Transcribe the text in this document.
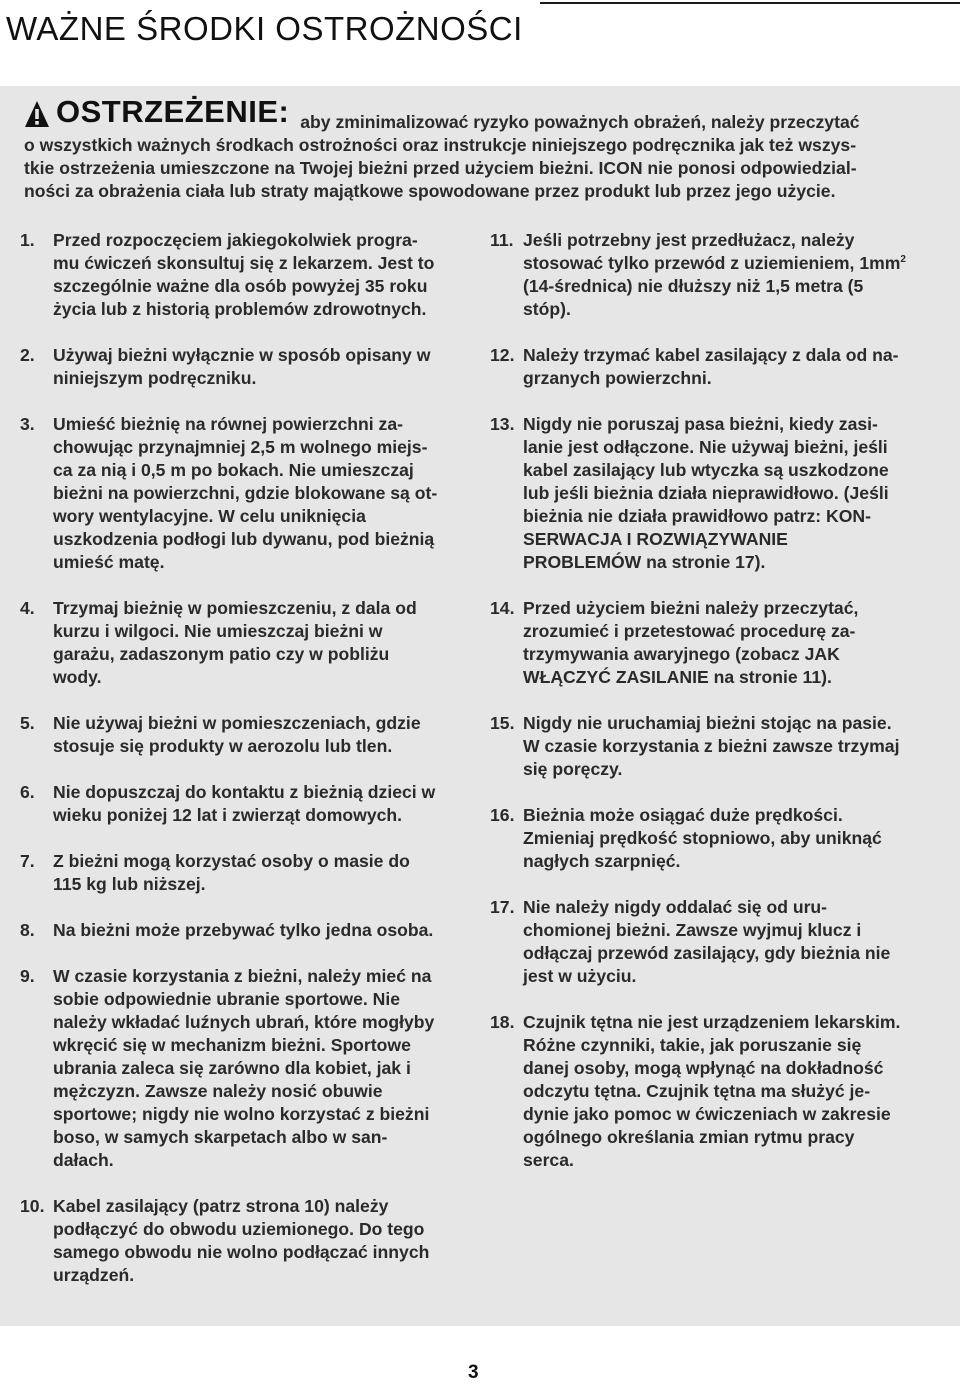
WAŻNE ŚRODKI OSTROŻNOŚCI
OSTRZEŻENIE: aby zminimalizować ryzyko poważnych obrażeń, należy przeczytać
o wszystkich ważnych środkach ostrożności oraz instrukcje niniejszego podręcznika jak też wszys-
tkie ostrzeżenia umieszczone na Twojej bieżni przed użyciem bieżni. ICON nie ponosi odpowiedzial-
ności za obrażenia ciała lub straty majątkowe spowodowane przez produkt lub przez jego użycie.
1.	Przed rozpoczęciem jakiegokolwiek progra-
mu ćwiczeń skonsultuj się z lekarzem. Jest to
szczególnie ważne dla osób powyżej 35 roku
życia lub z historią problemów zdrowotnych.
2.	Używaj bieżni wyłącznie w sposób opisany w
niniejszym podręczniku.
3.	Umieść bieżnię na równej powierzchni za-
chowując przynajmniej 2,5 m wolnego miejs-
ca za nią i 0,5 m po bokach. Nie umieszczaj
bieżni na powierzchni, gdzie blokowane są ot-
wory wentylacyjne. W celu uniknięcia
uszkodzenia podłogi lub dywanu, pod bieżnią
umieść matę.
4.	Trzymaj bieżnię w pomieszczeniu, z dala od
kurzu i wilgoci. Nie umieszczaj bieżni w
garażu, zadaszonym patio czy w pobliżu
wody.
5.	Nie używaj bieżni w pomieszczeniach, gdzie
stosuje się produkty w aerozolu lub tlen.
6.	Nie dopuszczaj do kontaktu z bieżnią dzieci w
wieku poniżej 12 lat i zwierząt domowych.
7.	Z bieżni mogą korzystać osoby o masie do
115 kg lub niższej.
8.	Na bieżni może przebywać tylko jedna osoba.
9.	W czasie korzystania z bieżni, należy mieć na
sobie odpowiednie ubranie sportowe. Nie
należy wkładać luźnych ubrań, które mogłyby
wkręcić się w mechanizm bieżni. Sportowe
ubrania zaleca się zarówno dla kobiet, jak i
mężczyzn. Zawsze należy nosić obuwie
sportowe; nigdy nie wolno korzystać z bieżni
boso, w samych skarpetach albo w san-
dałach.
10. Kabel zasilający (patrz strona 10) należy
podłączyć do obwodu uziemionego. Do tego
samego obwodu nie wolno podłączać innych
urządzeń.
11. Jeśli potrzebny jest przedłużacz, należy
stosować tylko przewód z uziemieniem, $1mm^2$
(14-średnica) nie dłuższy niż 1,5 metra (5
stóp).
12. Należy trzymać kabel zasilający z dala od na-
grzanych powierzchni.
13. Nigdy nie poruszaj pasa bieżni, kiedy zasi-
lanie jest odłączone. Nie używaj bieżni, jeśli
kabel zasilający lub wtyczka są uszkodzone
lub jeśli bieżnia działa nieprawidłowo. (Jeśli
bieżnia nie działa prawidłowo patrz: KON-
SERWACJA I ROZWIĄZYWANIE
PROBLEMÓW na stronie 17).
14. Przed użyciem bieżni należy przeczytać,
zrozumieć i przetestować procedurę za-
trzymywania awaryjnego (zobacz JAK
WŁĄCZYĆ ZASILANIE na stronie 11).
15. Nigdy nie uruchamiaj bieżni stojąc na pasie.
W czasie korzystania z bieżni zawsze trzymaj
się poręczy.
16. Bieżnia może osiągać duże prędkości.
Zmieniaj prędkość stopniowo, aby uniknąć
nagłych szarpnięć.
17. Nie należy nigdy oddalać się od uru-
chomionej bieżni. Zawsze wyjmuj klucz i
odłączaj przewód zasilający, gdy bieżnia nie
jest w użyciu.
18. Czujnik tętna nie jest urządzeniem lekarskim.
Różne czynniki, takie, jak poruszanie się
danej osoby, mogą wpłynąć na dokładność
odczytu tętna. Czujnik tętna ma służyć je-
dynie jako pomoc w ćwiczeniach w zakresie
ogólnego określania zmian rytmu pracy
serca.
3
